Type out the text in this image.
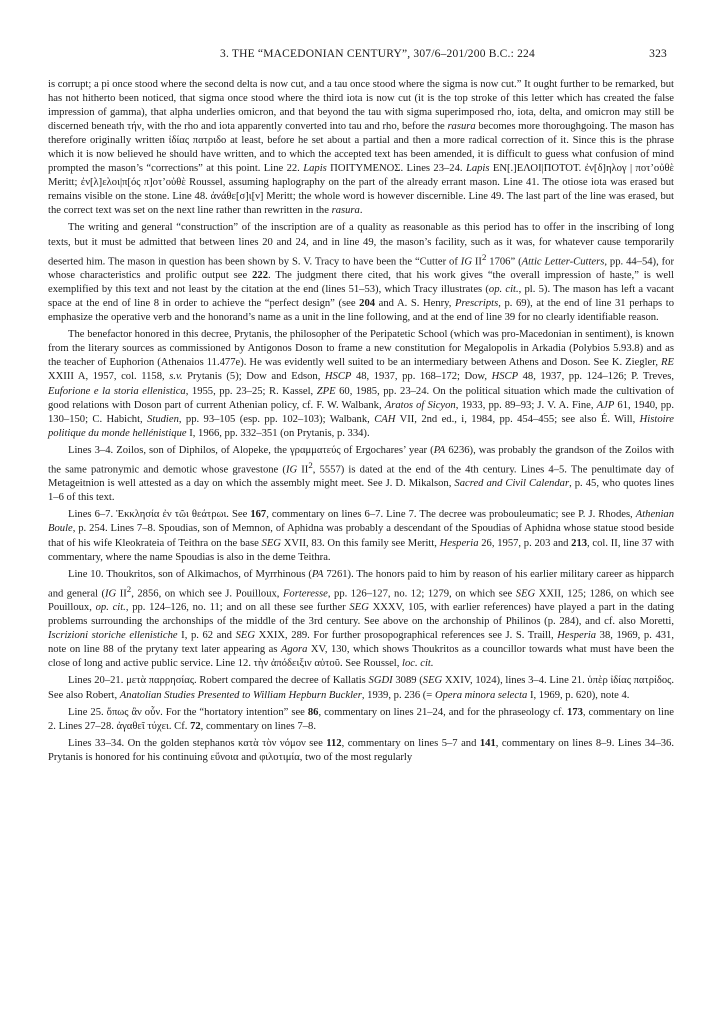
3. THE “MACEDONIAN CENTURY”, 307/6–201/200 B.C.: 224	323

is corrupt; a pi once stood where the second delta is now cut, and a tau once stood where the sigma is now cut.” It ought further to be remarked, but has not hitherto been noticed, that sigma once stood where the third iota is now cut (it is the top stroke of this letter which has created the false impression of gamma), that alpha underlies omicron, and that beyond the tau with sigma superimposed rho, iota, delta, and omicron may still be discerned beneath τήν, with the rho and iota apparently converted into tau and rho, before the rasura becomes more thoroughgoing. The mason has therefore originally written ἰδίας πατριδο at least, before he set about a partial and then a more radical correction of it. Since this is the phrase which it is now believed he should have written, and to which the accepted text has been amended, it is difficult to guess what confusion of mind prompted the mason’s “corrections” at this point. Line 22. Lapis ΠΟΙΤΥΜΕΝΟΣ. Lines 23–24. Lapis ΕΝ[.]ΕΛΟΙ|ΠΟΤΟΤ. ἐν[δ]ηλογ | ποτ’οὐθὲ Meritt; ἐν[λ]ελοι|π[ός π]οτ’οὐθὲ Roussel, assuming haplography on the part of the already errant mason. Line 41. The otiose iota was erased but remains visible on the stone. Line 48. ἀνάθε[σ]ι[ν] Meritt; the whole word is however discernible. Line 49. The last part of the line was erased, but the correct text was set on the next line rather than rewritten in the rasura.

The writing and general “construction” of the inscription are of a quality as reasonable as this period has to offer in the inscribing of long texts, but it must be admitted that between lines 20 and 24, and in line 49, the mason’s facility, such as it was, for whatever cause temporarily deserted him. The mason in question has been shown by S. V. Tracy to have been the “Cutter of IG $II^2$ 1706” (Attic Letter-Cutters, pp. 44–54), for whose characteristics and prolific output see 222. The judgment there cited, that his work gives “the overall impression of haste,” is well exemplified by this text and not least by the citation at the end (lines 51–53), which Tracy illustrates (op. cit., pl. 5). The mason has left a vacant space at the end of line 8 in order to achieve the “perfect design” (see 204 and A. S. Henry, Prescripts, p. 69), at the end of line 31 perhaps to emphasize the operative verb and the honorand’s name as a unit in the line following, and at the end of line 39 for no clearly identifiable reason.

The benefactor honored in this decree, Prytanis, the philosopher of the Peripatetic School (which was pro-Macedonian in sentiment), is known from the literary sources as commissioned by Antigonos Doson to frame a new constitution for Megalopolis in Arkadia (Polybios 5.93.8) and as the teacher of Euphorion (Athenaios 11.477e). He was evidently well suited to be an intermediary between Athens and Doson. See K. Ziegler, RE XXIII A, 1957, col. 1158, s.v. Prytanis (5); Dow and Edson, HSCP 48, 1937, pp. 168–172; Dow, HSCP 48, 1937, pp. 124–126; P. Treves, Euforione e la storia ellenistica, 1955, pp. 23–25; R. Kassel, ZPE 60, 1985, pp. 23–24. On the political situation which made the cultivation of good relations with Doson part of current Athenian policy, cf. F. W. Walbank, Aratos of Sicyon, 1933, pp. 89–93; J. V. A. Fine, AJP 61, 1940, pp. 130–150; C. Habicht, Studien, pp. 93–105 (esp. pp. 102–103); Walbank, CAH VII, 2nd ed., i, 1984, pp. 454–455; see also É. Will, Histoire politique du monde hellénistique I, 1966, pp. 332–351 (on Prytanis, p. 334).

Lines 3–4. Zoilos, son of Diphilos, of Alopeke, the γραμματεύς of Ergochares’ year (PA 6236), was probably the grandson of the Zoilos with the same patronymic and demotic whose gravestone (IG $II^2$, 5557) is dated at the end of the 4th century. Lines 4–5. The penultimate day of Metageitnion is well attested as a day on which the assembly might meet. See J. D. Mikalson, Sacred and Civil Calendar, p. 45, who quotes lines 1–6 of this text.

Lines 6–7. Ἐκκλησία ἐν τῶι θεάτρωι. See 167, commentary on lines 6–7. Line 7. The decree was probouleumatic; see P. J. Rhodes, Athenian Boule, p. 254. Lines 7–8. Spoudias, son of Memnon, of Aphidna was probably a descendant of the Spoudias of Aphidna whose statue stood beside that of his wife Kleokrateia of Teithra on the base SEG XVII, 83. On this family see Meritt, Hesperia 26, 1957, p. 203 and 213, col. II, line 37 with commentary, where the name Spoudias is also in the deme Teithra.

Line 10. Thoukritos, son of Alkimachos, of Myrrhinous (PA 7261). The honors paid to him by reason of his earlier military career as hipparch and general (IG $II^2$, 2856, on which see J. Pouilloux, Forteresse, pp. 126–127, no. 12; 1279, on which see SEG XXII, 125; 1286, on which see Pouilloux, op. cit., pp. 124–126, no. 11; and on all these see further SEG XXXV, 105, with earlier references) have played a part in the dating problems surrounding the archonships of the middle of the 3rd century. See above on the archonship of Philinos (p. 284), and cf. also Moretti, Iscrizioni storiche ellenistiche I, p. 62 and SEG XXIX, 289. For further prosopographical references see J. S. Traill, Hesperia 38, 1969, p. 431, note on line 88 of the prytany text later appearing as Agora XV, 130, which shows Thoukritos as a councillor towards what must have been the close of long and active public service. Line 12. τὴν ἀπόδειξιν αὐτοῦ. See Roussel, loc. cit.

Lines 20–21. μετὰ παρρησίας. Robert compared the decree of Kallatis SGDI 3089 (SEG XXIV, 1024), lines 3–4. Line 21. ὑπὲρ ἰδίας πατρίδος. See also Robert, Anatolian Studies Presented to William Hepburn Buckler, 1939, p. 236 (= Opera minora selecta I, 1969, p. 620), note 4.

Line 25. ὅπως ἂν οὖν. For the “hortatory intention” see 86, commentary on lines 21–24, and for the phraseology cf. 173, commentary on line 2. Lines 27–28. ἀγαθεῖ τύχει. Cf. 72, commentary on lines 7–8.

Lines 33–34. On the golden stephanos κατὰ τὸν νόμον see 112, commentary on lines 5–7 and 141, commentary on lines 8–9. Lines 34–36. Prytanis is honored for his continuing εὔνοια and φιλοτιμία, two of the most regularly
